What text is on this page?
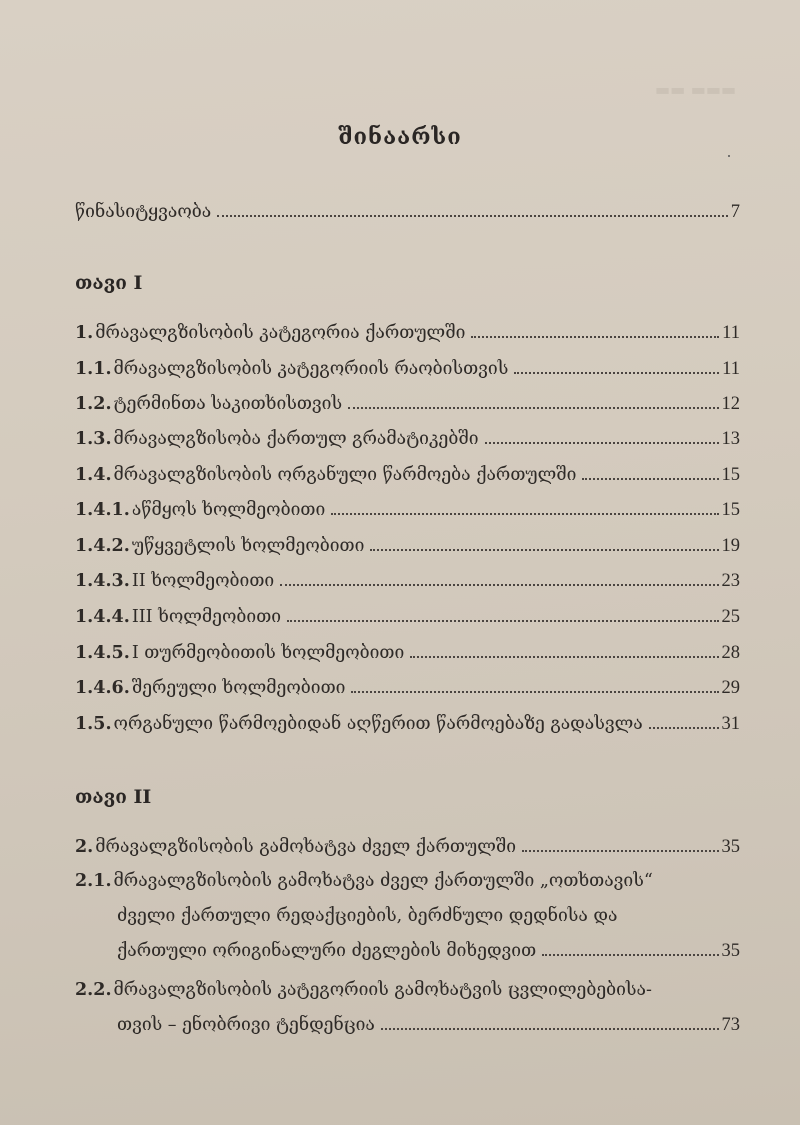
▬▬ ▬▬▬
შინაარსი
წინასიტყვაობა	7
თავი I
1. მრავალგზისობის კატეგორია ქართულში	11
1.1. მრავალგზისობის კატეგორიის რაობისთვის	11
1.2. ტერმინთა საკითხისთვის	12
1.3. მრავალგზისობა ქართულ გრამატიკებში	13
1.4. მრავალგზისობის ორგანული წარმოება ქართულში	15
1.4.1. აწმყოს ხოლმეობითი	15
1.4.2. უწყვეტლის ხოლმეობითი	19
1.4.3. II ხოლმეობითი	23
1.4.4. III ხოლმეობითი	25
1.4.5. I თურმეობითის ხოლმეობითი	28
1.4.6. შერეული ხოლმეობითი	29
1.5. ორგანული წარმოებიდან აღწერით წარმოებაზე გადასვლა	31
თავი II
2. მრავალგზისობის გამოხატვა ძველ ქართულში	35
2.1. მრავალგზისობის გამოხატვა ძველ ქართულში „ოთხთავის“
ძველი ქართული რედაქციების, ბერძნული დედნისა და
ქართული ორიგინალური ძეგლების მიხედვით	35
2.2. მრავალგზისობის კატეგორიის გამოხატვის ცვლილებებისა-
თვის – ენობრივი ტენდენცია	73
